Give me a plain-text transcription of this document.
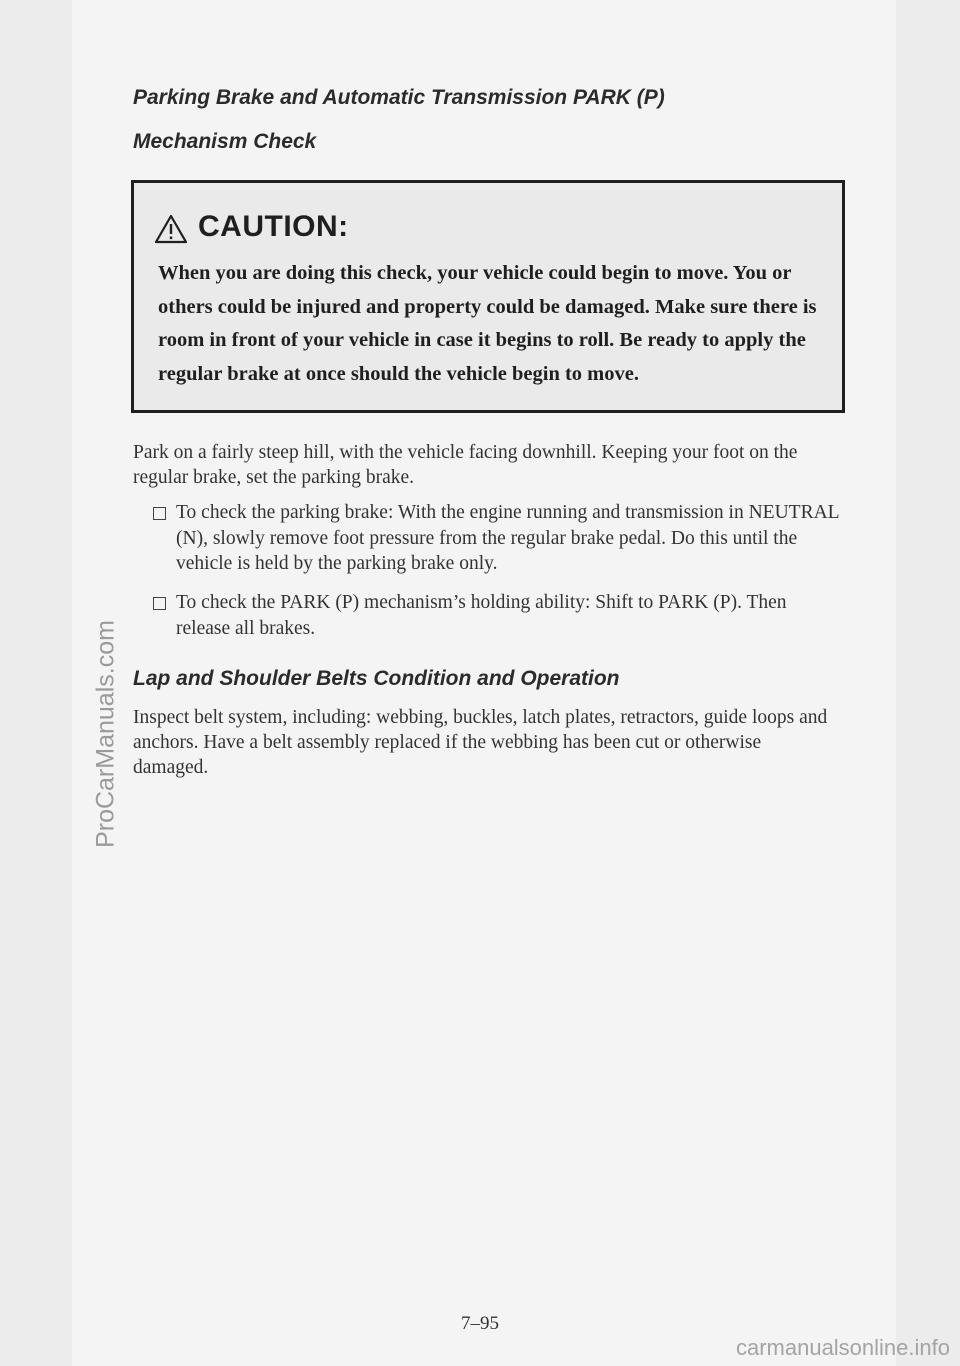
Parking Brake and Automatic Transmission PARK (P)
Mechanism Check
CAUTION:
When you are doing this check, your vehicle could begin to move. You or others could be injured and property could be damaged. Make sure there is room in front of your vehicle in case it begins to roll. Be ready to apply the regular brake at once should the vehicle begin to move.
Park on a fairly steep hill, with the vehicle facing downhill. Keeping your foot on the regular brake, set the parking brake.
To check the parking brake: With the engine running and transmission in NEUTRAL (N), slowly remove foot pressure from the regular brake pedal. Do this until the vehicle is held by the parking brake only.
To check the PARK (P) mechanism’s holding ability: Shift to PARK (P). Then release all brakes.
Lap and Shoulder Belts Condition and Operation
Inspect belt system, including: webbing, buckles, latch plates, retractors, guide loops and anchors. Have a belt assembly replaced if the webbing has been cut or otherwise damaged.
ProCarManuals.com
7–95
carmanualsonline.info
